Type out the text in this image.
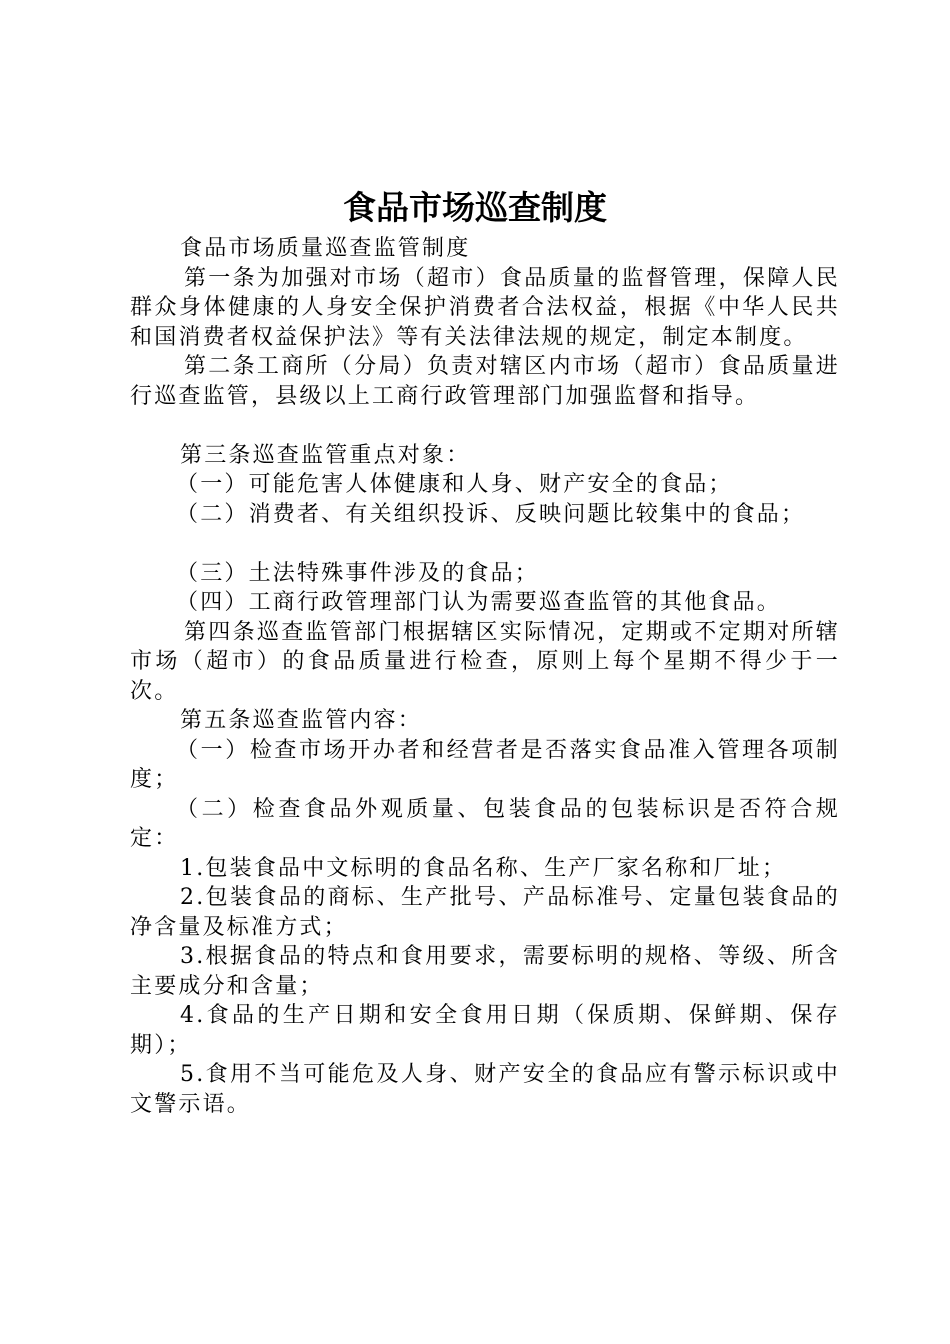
食品市场巡查制度

食品市场质量巡查监管制度

第一条为加强对市场（超市）食品质量的监督管理，保障人民群众身体健康的人身安全保护消费者合法权益，根据《中华人民共和国消费者权益保护法》等有关法律法规的规定，制定本制度。

第二条工商所（分局）负责对辖区内市场（超市）食品质量进行巡查监管，县级以上工商行政管理部门加强监督和指导。

第三条巡查监管重点对象：

（一）可能危害人体健康和人身、财产安全的食品；

（二）消费者、有关组织投诉、反映问题比较集中的食品；

（三）土法特殊事件涉及的食品；

（四）工商行政管理部门认为需要巡查监管的其他食品。

第四条巡查监管部门根据辖区实际情况，定期或不定期对所辖市场（超市）的食品质量进行检查，原则上每个星期不得少于一次。

第五条巡查监管内容：

（一）检查市场开办者和经营者是否落实食品准入管理各项制度；

（二）检查食品外观质量、包装食品的包装标识是否符合规定：

1.包装食品中文标明的食品名称、生产厂家名称和厂址；

2.包装食品的商标、生产批号、产品标准号、定量包装食品的净含量及标准方式；

3.根据食品的特点和食用要求，需要标明的规格、等级、所含主要成分和含量；

4.食品的生产日期和安全食用日期（保质期、保鲜期、保存期）；

5.食用不当可能危及人身、财产安全的食品应有警示标识或中文警示语。
